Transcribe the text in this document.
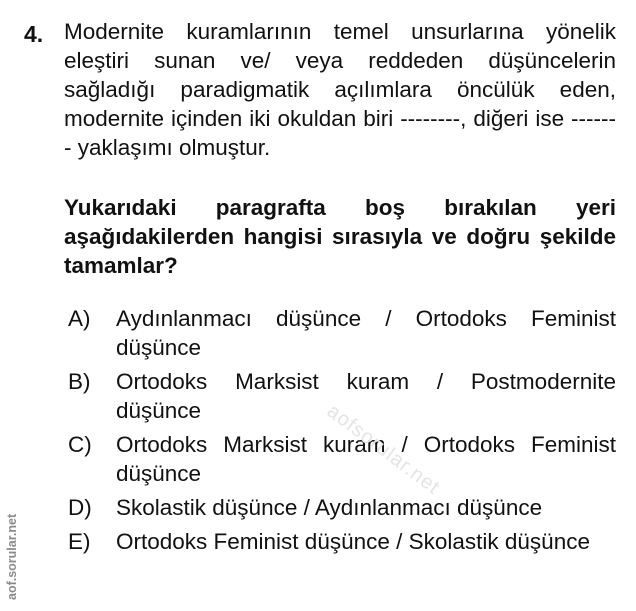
4. Modernite kuramlarının temel unsurlarına yönelik eleştiri sunan ve/ veya reddeden düşüncelerin sağladığı paradigmatik açılımlara öncülük eden, modernite içinden iki okuldan biri --------, diğeri ise ------- yaklaşımı olmuştur.
Yukarıdaki paragrafta boş bırakılan yeri aşağıdakilerden hangisi sırasıyla ve doğru şekilde tamamlar?
A)	Aydınlanmacı düşünce / Ortodoks Feminist düşünce
B)	Ortodoks Marksist kuram / Postmodernite düşünce
C)	Ortodoks Marksist kuram / Ortodoks Feminist düşünce
D)	Skolastik düşünce / Aydınlanmacı düşünce
E)	Ortodoks Feminist düşünce / Skolastik düşünce
aofsorular.net
aof.sorular.net
